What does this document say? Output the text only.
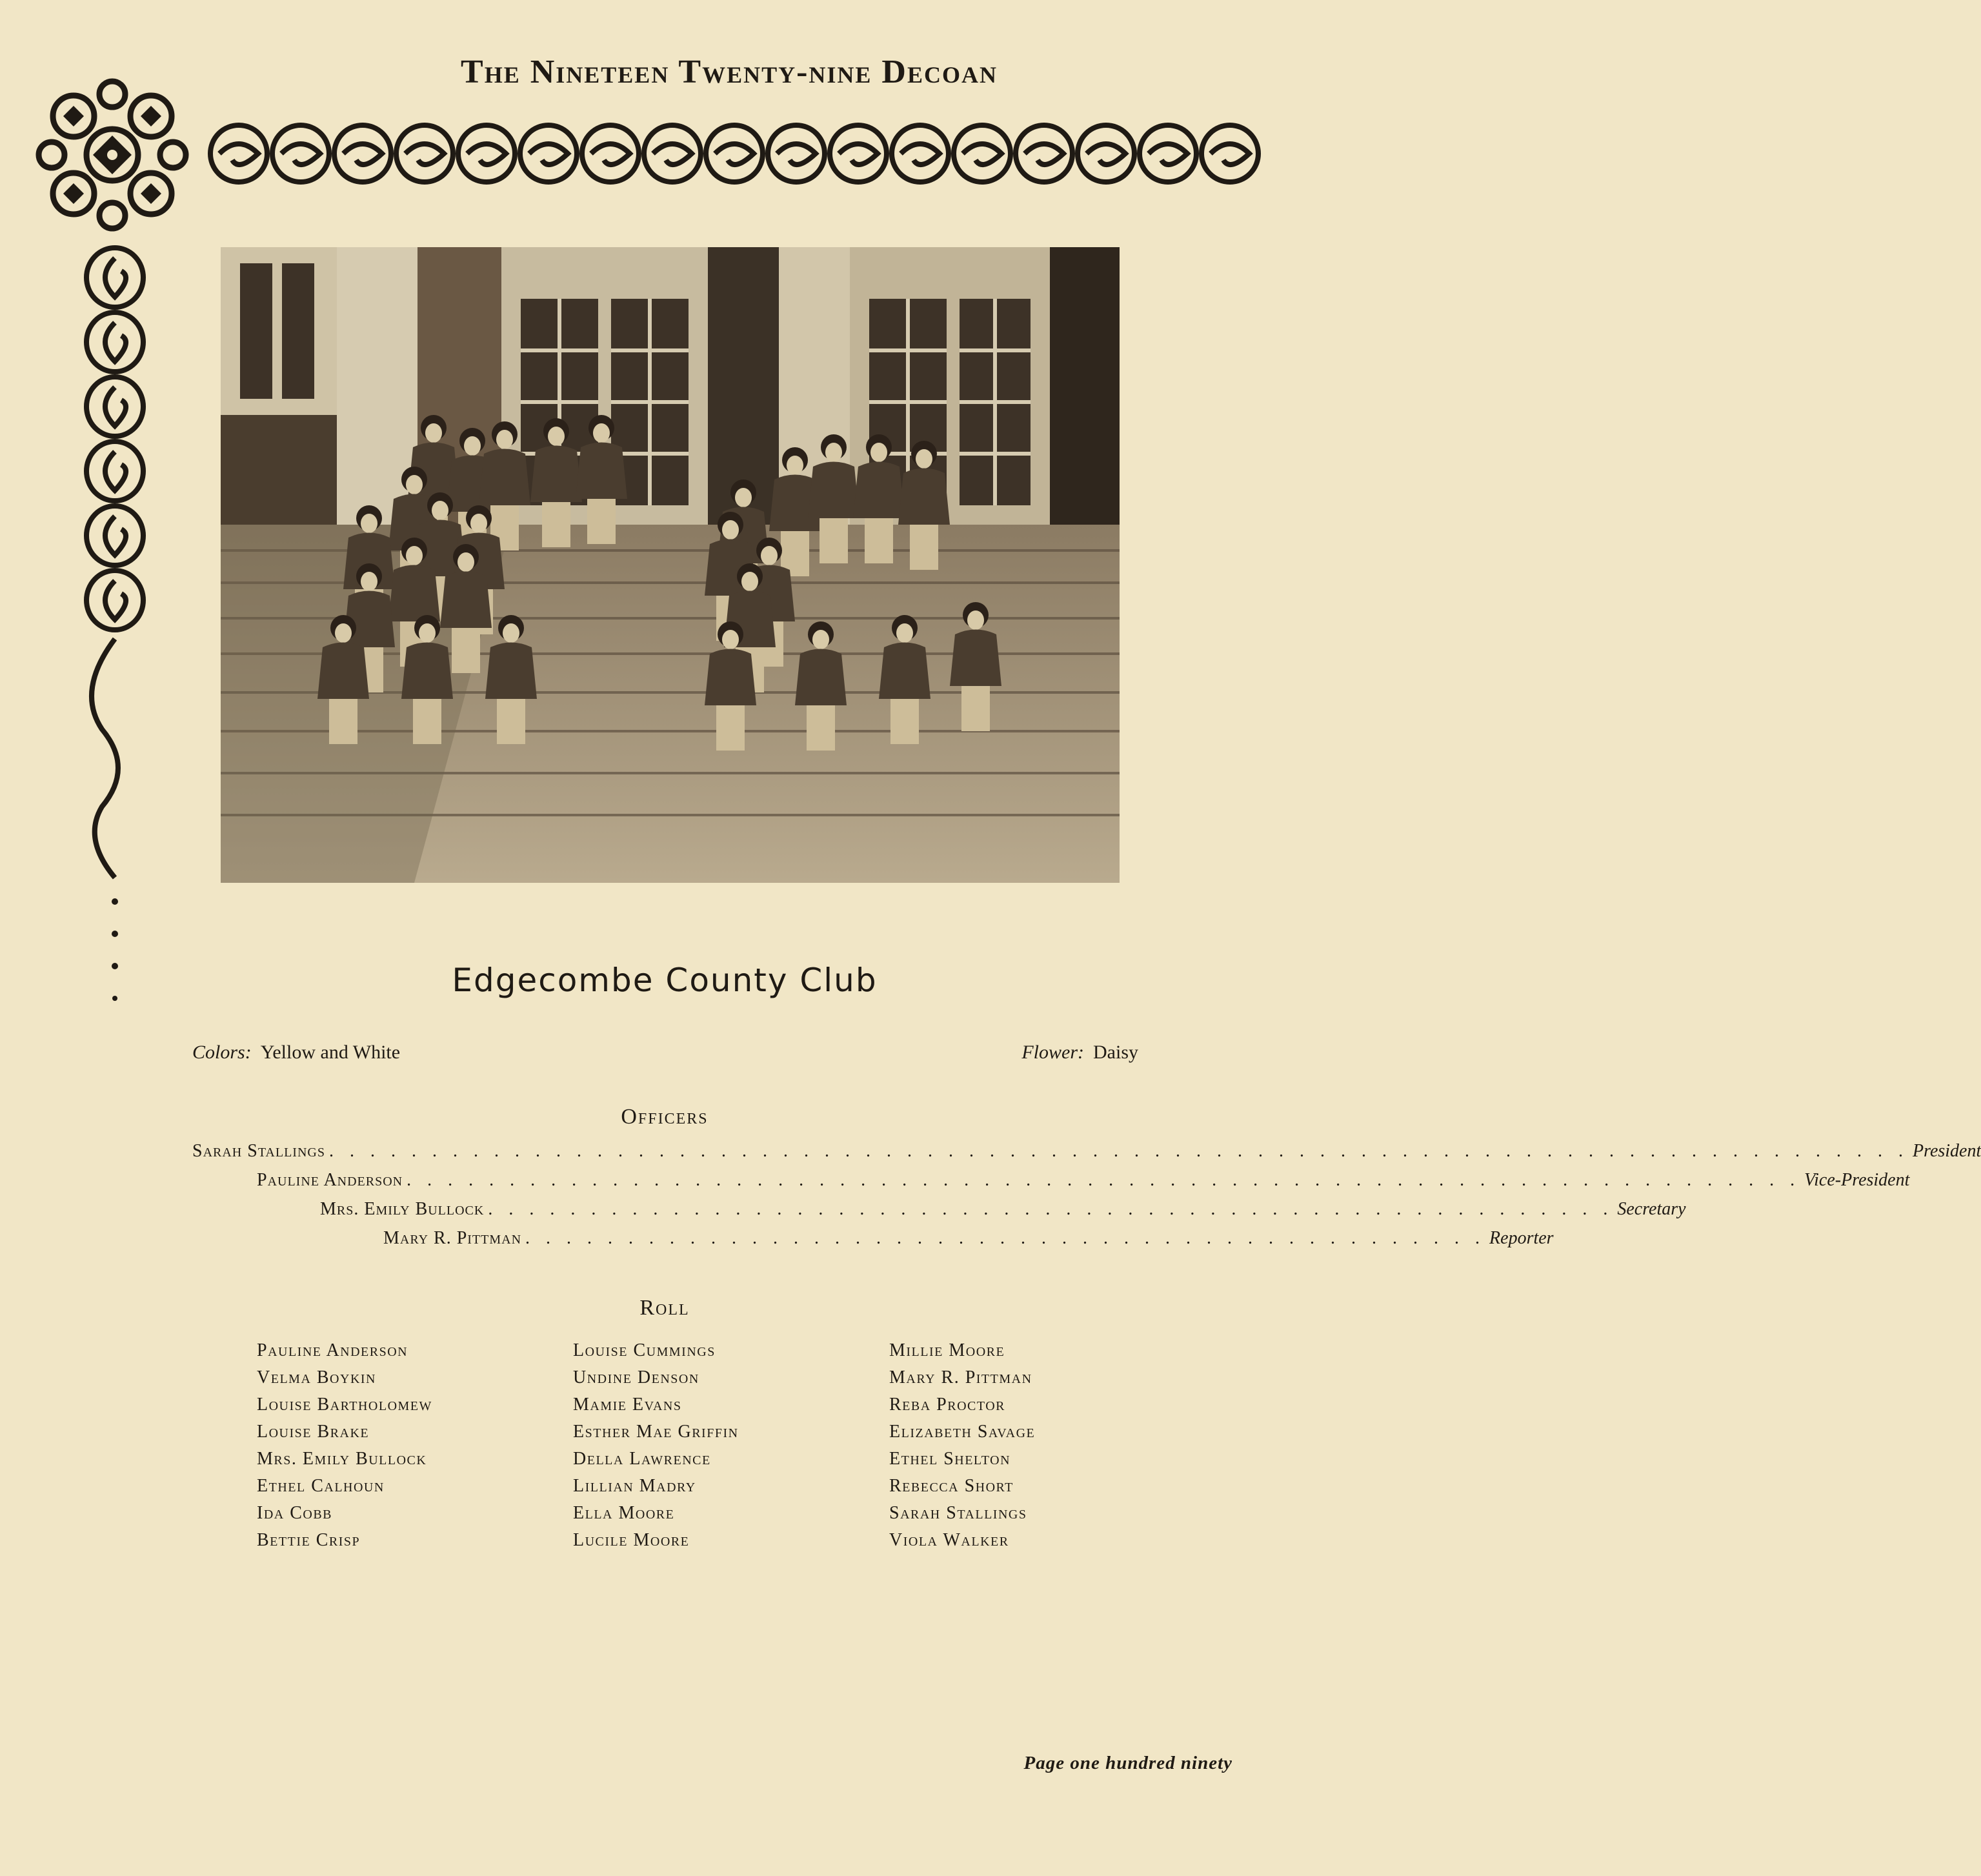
The Nineteen Twenty-nine Decoan
Edgecombe County Club
Colors: Yellow and White	Flower: Daisy
Officers
Sarah Stallings . . . . . . . . . . . . . . . . . . . . . . . . . . . . . . . . . . . . . . . . . . . . . . . . . . . . . . . . . . . . . . . . . . . . . . . . . . . . . President
Pauline Anderson . . . . . . . . . . . . . . . . . . . . . . . . . . . . . . . . . . . . . . . . . . . . . . . . . . . . . . . . . . . . . . . . . . . . Vice-President
Mrs. Emily Bullock . . . . . . . . . . . . . . . . . . . . . . . . . . . . . . . . . . . . . . . . . . . . . . . . . . . . . . . Secretary
Mary R. Pittman . . . . . . . . . . . . . . . . . . . . . . . . . . . . . . . . . . . . . . . . . . . . . . . Reporter
Roll
Pauline Anderson
Velma Boykin
Louise Bartholomew
Louise Brake
Mrs. Emily Bullock
Ethel Calhoun
Ida Cobb
Bettie Crisp
Louise Cummings
Undine Denson
Mamie Evans
Esther Mae Griffin
Della Lawrence
Lillian Madry
Ella Moore
Lucile Moore
Millie Moore
Mary R. Pittman
Reba Proctor
Elizabeth Savage
Ethel Shelton
Rebecca Short
Sarah Stallings
Viola Walker
Page one hundred ninety
